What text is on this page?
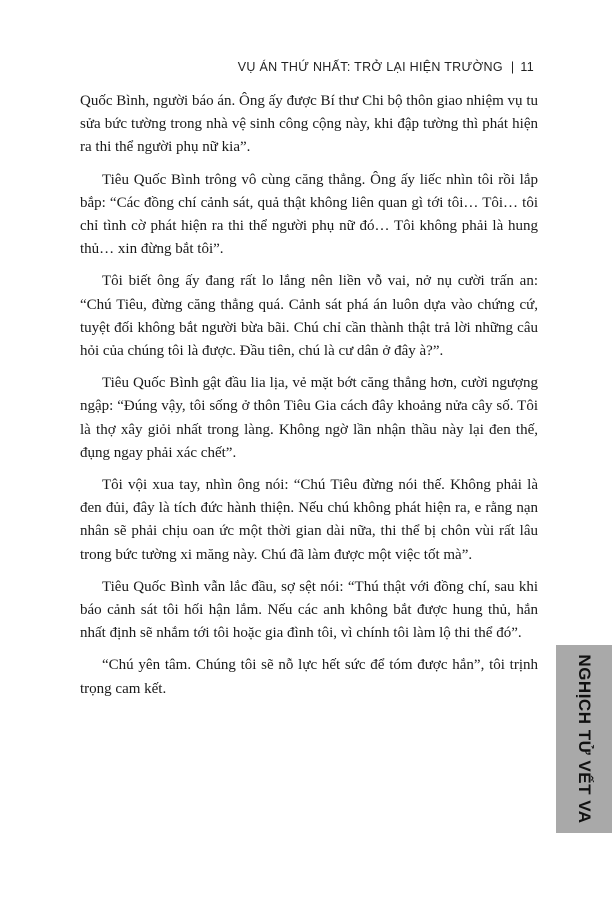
VỤ ÁN THỨ NHẤT: TRỞ LẠI HIỆN TRƯỜNG | 11

Quốc Bình, người báo án. Ông ấy được Bí thư Chi bộ thôn giao nhiệm vụ tu sửa bức tường trong nhà vệ sinh công cộng này, khi đập tường thì phát hiện ra thi thể người phụ nữ kia”.

Tiêu Quốc Bình trông vô cùng căng thẳng. Ông ấy liếc nhìn tôi rồi lắp bắp: “Các đồng chí cảnh sát, quả thật không liên quan gì tới tôi… Tôi… tôi chỉ tình cờ phát hiện ra thi thể người phụ nữ đó… Tôi không phải là hung thủ… xin đừng bắt tôi”.

Tôi biết ông ấy đang rất lo lắng nên liền vỗ vai, nở nụ cười trấn an: “Chú Tiêu, đừng căng thẳng quá. Cảnh sát phá án luôn dựa vào chứng cứ, tuyệt đối không bắt người bừa bãi. Chú chỉ cần thành thật trả lời những câu hỏi của chúng tôi là được. Đầu tiên, chú là cư dân ở đây à?”.

Tiêu Quốc Bình gật đầu lia lịa, vẻ mặt bớt căng thẳng hơn, cười ngượng ngập: “Đúng vậy, tôi sống ở thôn Tiêu Gia cách đây khoảng nửa cây số. Tôi là thợ xây giỏi nhất trong làng. Không ngờ lần nhận thầu này lại đen thế, đụng ngay phải xác chết”.

Tôi vội xua tay, nhìn ông nói: “Chú Tiêu đừng nói thế. Không phải là đen đủi, đây là tích đức hành thiện. Nếu chú không phát hiện ra, e rằng nạn nhân sẽ phải chịu oan ức một thời gian dài nữa, thi thể bị chôn vùi rất lâu trong bức tường xi măng này. Chú đã làm được một việc tốt mà”.

Tiêu Quốc Bình vẫn lắc đầu, sợ sệt nói: “Thú thật với đồng chí, sau khi báo cảnh sát tôi hối hận lắm. Nếu các anh không bắt được hung thủ, hắn nhất định sẽ nhắm tới tôi hoặc gia đình tôi, vì chính tôi làm lộ thi thể đó”.

“Chú yên tâm. Chúng tôi sẽ nỗ lực hết sức để tóm được hắn”, tôi trịnh trọng cam kết.	NGHỊCH TỬ VẾT VA
